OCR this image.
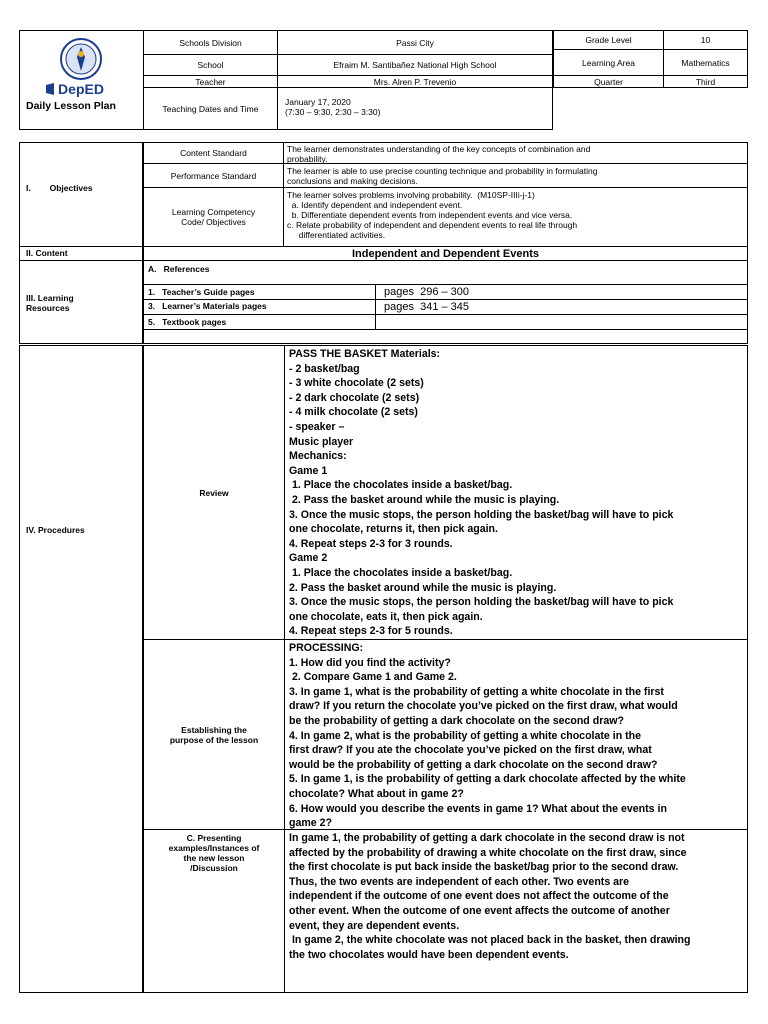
DepED
Daily Lesson Plan
Schools Division	Passi City
School	Efraim M. Santibañez National High School
Teacher	Mrs. Alren P. Trevenio
Teaching Dates and Time
January 17, 2020
(7:30 – 9:30, 2:30 – 3:30)
Grade Level	10
Learning Area	Mathematics
Quarter	Third
I.        Objectives
Content Standard	The learner demonstrates understanding of the key concepts of combination and
probability.
Performance Standard	The learner is able to use precise counting technique and probability in formulating
conclusions and making decisions.
Learning Competency
Code/ Objectives
The learner solves problems involving probability.  (M10SP-IIIi-j-1)
a. Identify dependent and independent event.
b. Differentiate dependent events from independent events and vice versa.
c. Relate probability of independent and dependent events to real life through
differentiated activities.
II. Content	Independent and Dependent Events
III. Learning
Resources
A.   References
1.   Teacher’s Guide pages	pages  296 – 300
3.   Learner’s Materials pages	pages  341 – 345
5.   Textbook pages
IV. Procedures
Review
PASS THE BASKET Materials:
- 2 basket/bag
- 3 white chocolate (2 sets)
- 2 dark chocolate (2 sets)
- 4 milk chocolate (2 sets)
- speaker –
Music player
Mechanics:
Game 1
1. Place the chocolates inside a basket/bag.
2. Pass the basket around while the music is playing.
3. Once the music stops, the person holding the basket/bag will have to pick
one chocolate, returns it, then pick again.
4. Repeat steps 2-3 for 3 rounds.
Game 2
1. Place the chocolates inside a basket/bag.
2. Pass the basket around while the music is playing.
3. Once the music stops, the person holding the basket/bag will have to pick
one chocolate, eats it, then pick again.
4. Repeat steps 2-3 for 5 rounds.
Establishing the
purpose of the lesson
PROCESSING:
1. How did you find the activity?
2. Compare Game 1 and Game 2.
3. In game 1, what is the probability of getting a white chocolate in the first
draw? If you return the chocolate you’ve picked on the first draw, what would
be the probability of getting a dark chocolate on the second draw?
4. In game 2, what is the probability of getting a white chocolate in the
first draw? If you ate the chocolate you’ve picked on the first draw, what
would be the probability of getting a dark chocolate on the second draw?
5. In game 1, is the probability of getting a dark chocolate affected by the white
chocolate? What about in game 2?
6. How would you describe the events in game 1? What about the events in
game 2?
C. Presenting
examples/Instances of
the new lesson
/Discussion
In game 1, the probability of getting a dark chocolate in the second draw is not
affected by the probability of drawing a white chocolate on the first draw, since
the first chocolate is put back inside the basket/bag prior to the second draw.
Thus, the two events are independent of each other. Two events are
independent if the outcome of one event does not affect the outcome of the
other event. When the outcome of one event affects the outcome of another
event, they are dependent events.
In game 2, the white chocolate was not placed back in the basket, then drawing
the two chocolates would have been dependent events.
